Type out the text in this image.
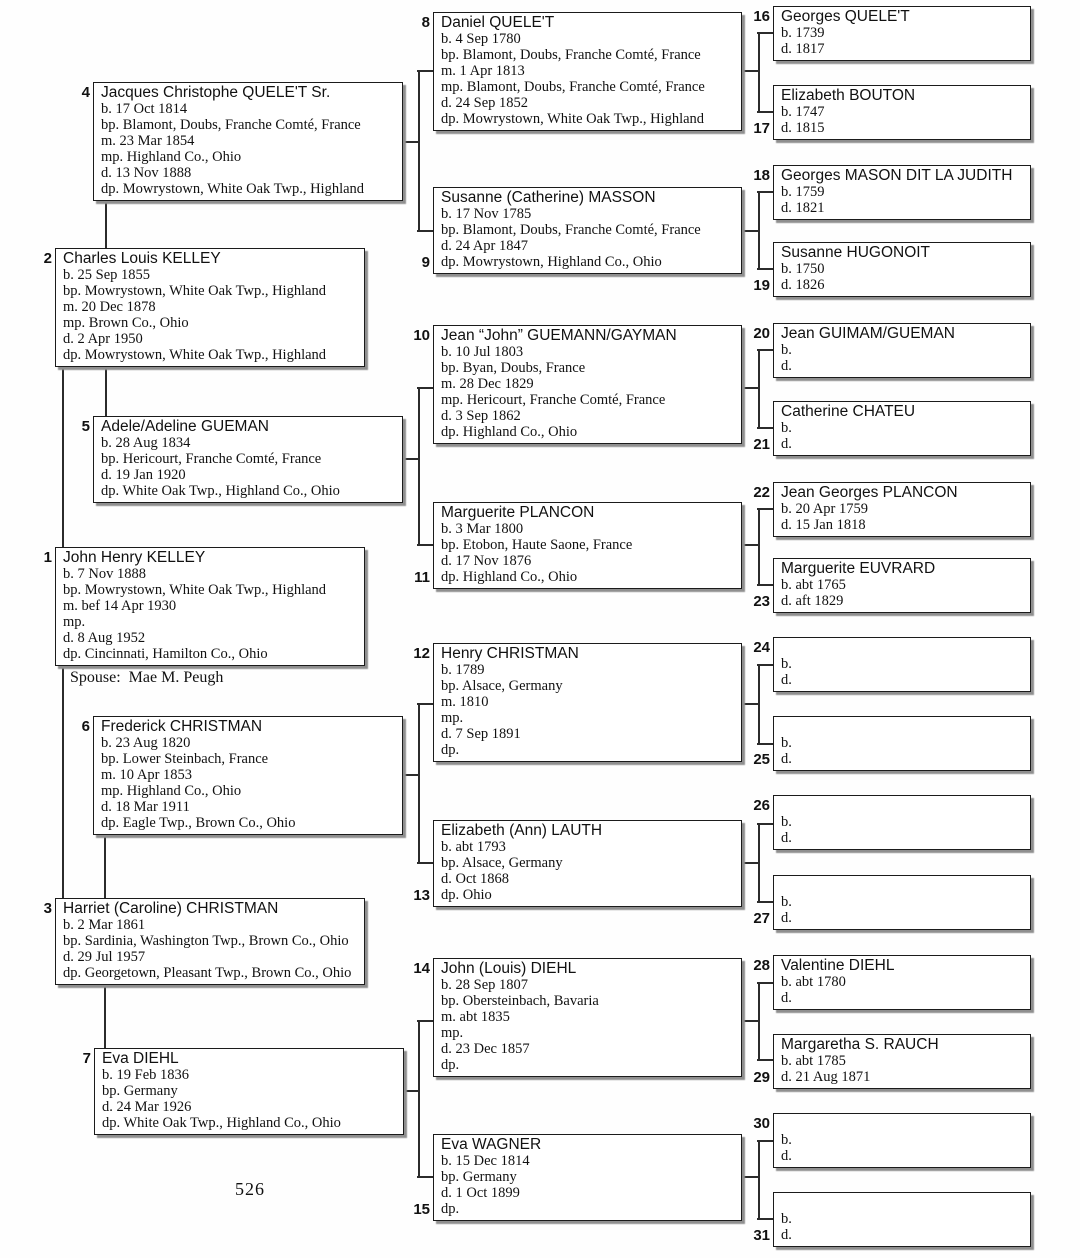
Spouse:  Mae M. Peugh
526
1 John Henry KELLEY
b. 7 Nov 1888
bp. Mowrystown, White Oak Twp., Highland
m. bef 14 Apr 1930
mp.
d. 8 Aug 1952
dp. Cincinnati, Hamilton Co., Ohio
2 Charles Louis KELLEY
b. 25 Sep 1855
bp. Mowrystown, White Oak Twp., Highland
m. 20 Dec 1878
mp. Brown Co., Ohio
d. 2 Apr 1950
dp. Mowrystown, White Oak Twp., Highland
3 Harriet (Caroline) CHRISTMAN
b. 2 Mar 1861
bp. Sardinia, Washington Twp., Brown Co., Ohio
d. 29 Jul 1957
dp. Georgetown, Pleasant Twp., Brown Co., Ohio
4 Jacques Christophe QUELE'T Sr.
b. 17 Oct 1814
bp. Blamont, Doubs, Franche Comté, France
m. 23 Mar 1854
mp. Highland Co., Ohio
d. 13 Nov 1888
dp. Mowrystown, White Oak Twp., Highland
5 Adele/Adeline GUEMAN
b. 28 Aug 1834
bp. Hericourt, Franche Comté, France
d. 19 Jan 1920
dp. White Oak Twp., Highland Co., Ohio
6 Frederick CHRISTMAN
b. 23 Aug 1820
bp. Lower Steinbach, France
m. 10 Apr 1853
mp. Highland Co., Ohio
d. 18 Mar 1911
dp. Eagle Twp., Brown Co., Ohio
7 Eva DIEHL
b. 19 Feb 1836
bp. Germany
d. 24 Mar 1926
dp. White Oak Twp., Highland Co., Ohio
8 Daniel QUELE'T
b. 4 Sep 1780
bp. Blamont, Doubs, Franche Comté, France
m. 1 Apr 1813
mp. Blamont, Doubs, Franche Comté, France
d. 24 Sep 1852
dp. Mowrystown, White Oak Twp., Highland
9
Susanne (Catherine) MASSON
b. 17 Nov 1785
bp. Blamont, Doubs, Franche Comté, France
d. 24 Apr 1847
dp. Mowrystown, Highland Co., Ohio
10 Jean “John” GUEMANN/GAYMAN
b. 10 Jul 1803
bp. Byan, Doubs, France
m. 28 Dec 1829
mp. Hericourt, Franche Comté, France
d. 3 Sep 1862
dp. Highland Co., Ohio
11
Marguerite PLANCON
b. 3 Mar 1800
bp. Etobon, Haute Saone, France
d. 17 Nov 1876
dp. Highland Co., Ohio
12 Henry CHRISTMAN
b. 1789
bp. Alsace, Germany
m. 1810
mp.
d. 7 Sep 1891
dp.
13
Elizabeth (Ann) LAUTH
b. abt 1793
bp. Alsace, Germany
d. Oct 1868
dp. Ohio
14 John (Louis) DIEHL
b. 28 Sep 1807
bp. Obersteinbach, Bavaria
m. abt 1835
mp.
d. 23 Dec 1857
dp.
15
Eva WAGNER
b. 15 Dec 1814
bp. Germany
d. 1 Oct 1899
dp.
16 Georges QUELE'T
b. 1739
d. 1817
17
Elizabeth BOUTON
b. 1747
d. 1815
18 Georges MASON DIT LA JUDITH
b. 1759
d. 1821
19
Susanne HUGONOIT
b. 1750
d. 1826
20 Jean GUIMAM/GUEMAN
b.
d.
21
Catherine CHATEU
b.
d.
22 Jean Georges PLANCON
b. 20 Apr 1759
d. 15 Jan 1818
23
Marguerite EUVRARD
b. abt 1765
d. aft 1829
24
b.
d.
25
b.
d.
26
b.
d.
27
b.
d.
28 Valentine DIEHL
b. abt 1780
d.
29
Margaretha S. RAUCH
b. abt 1785
d. 21 Aug 1871
30
b.
d.
31
b.
d.
